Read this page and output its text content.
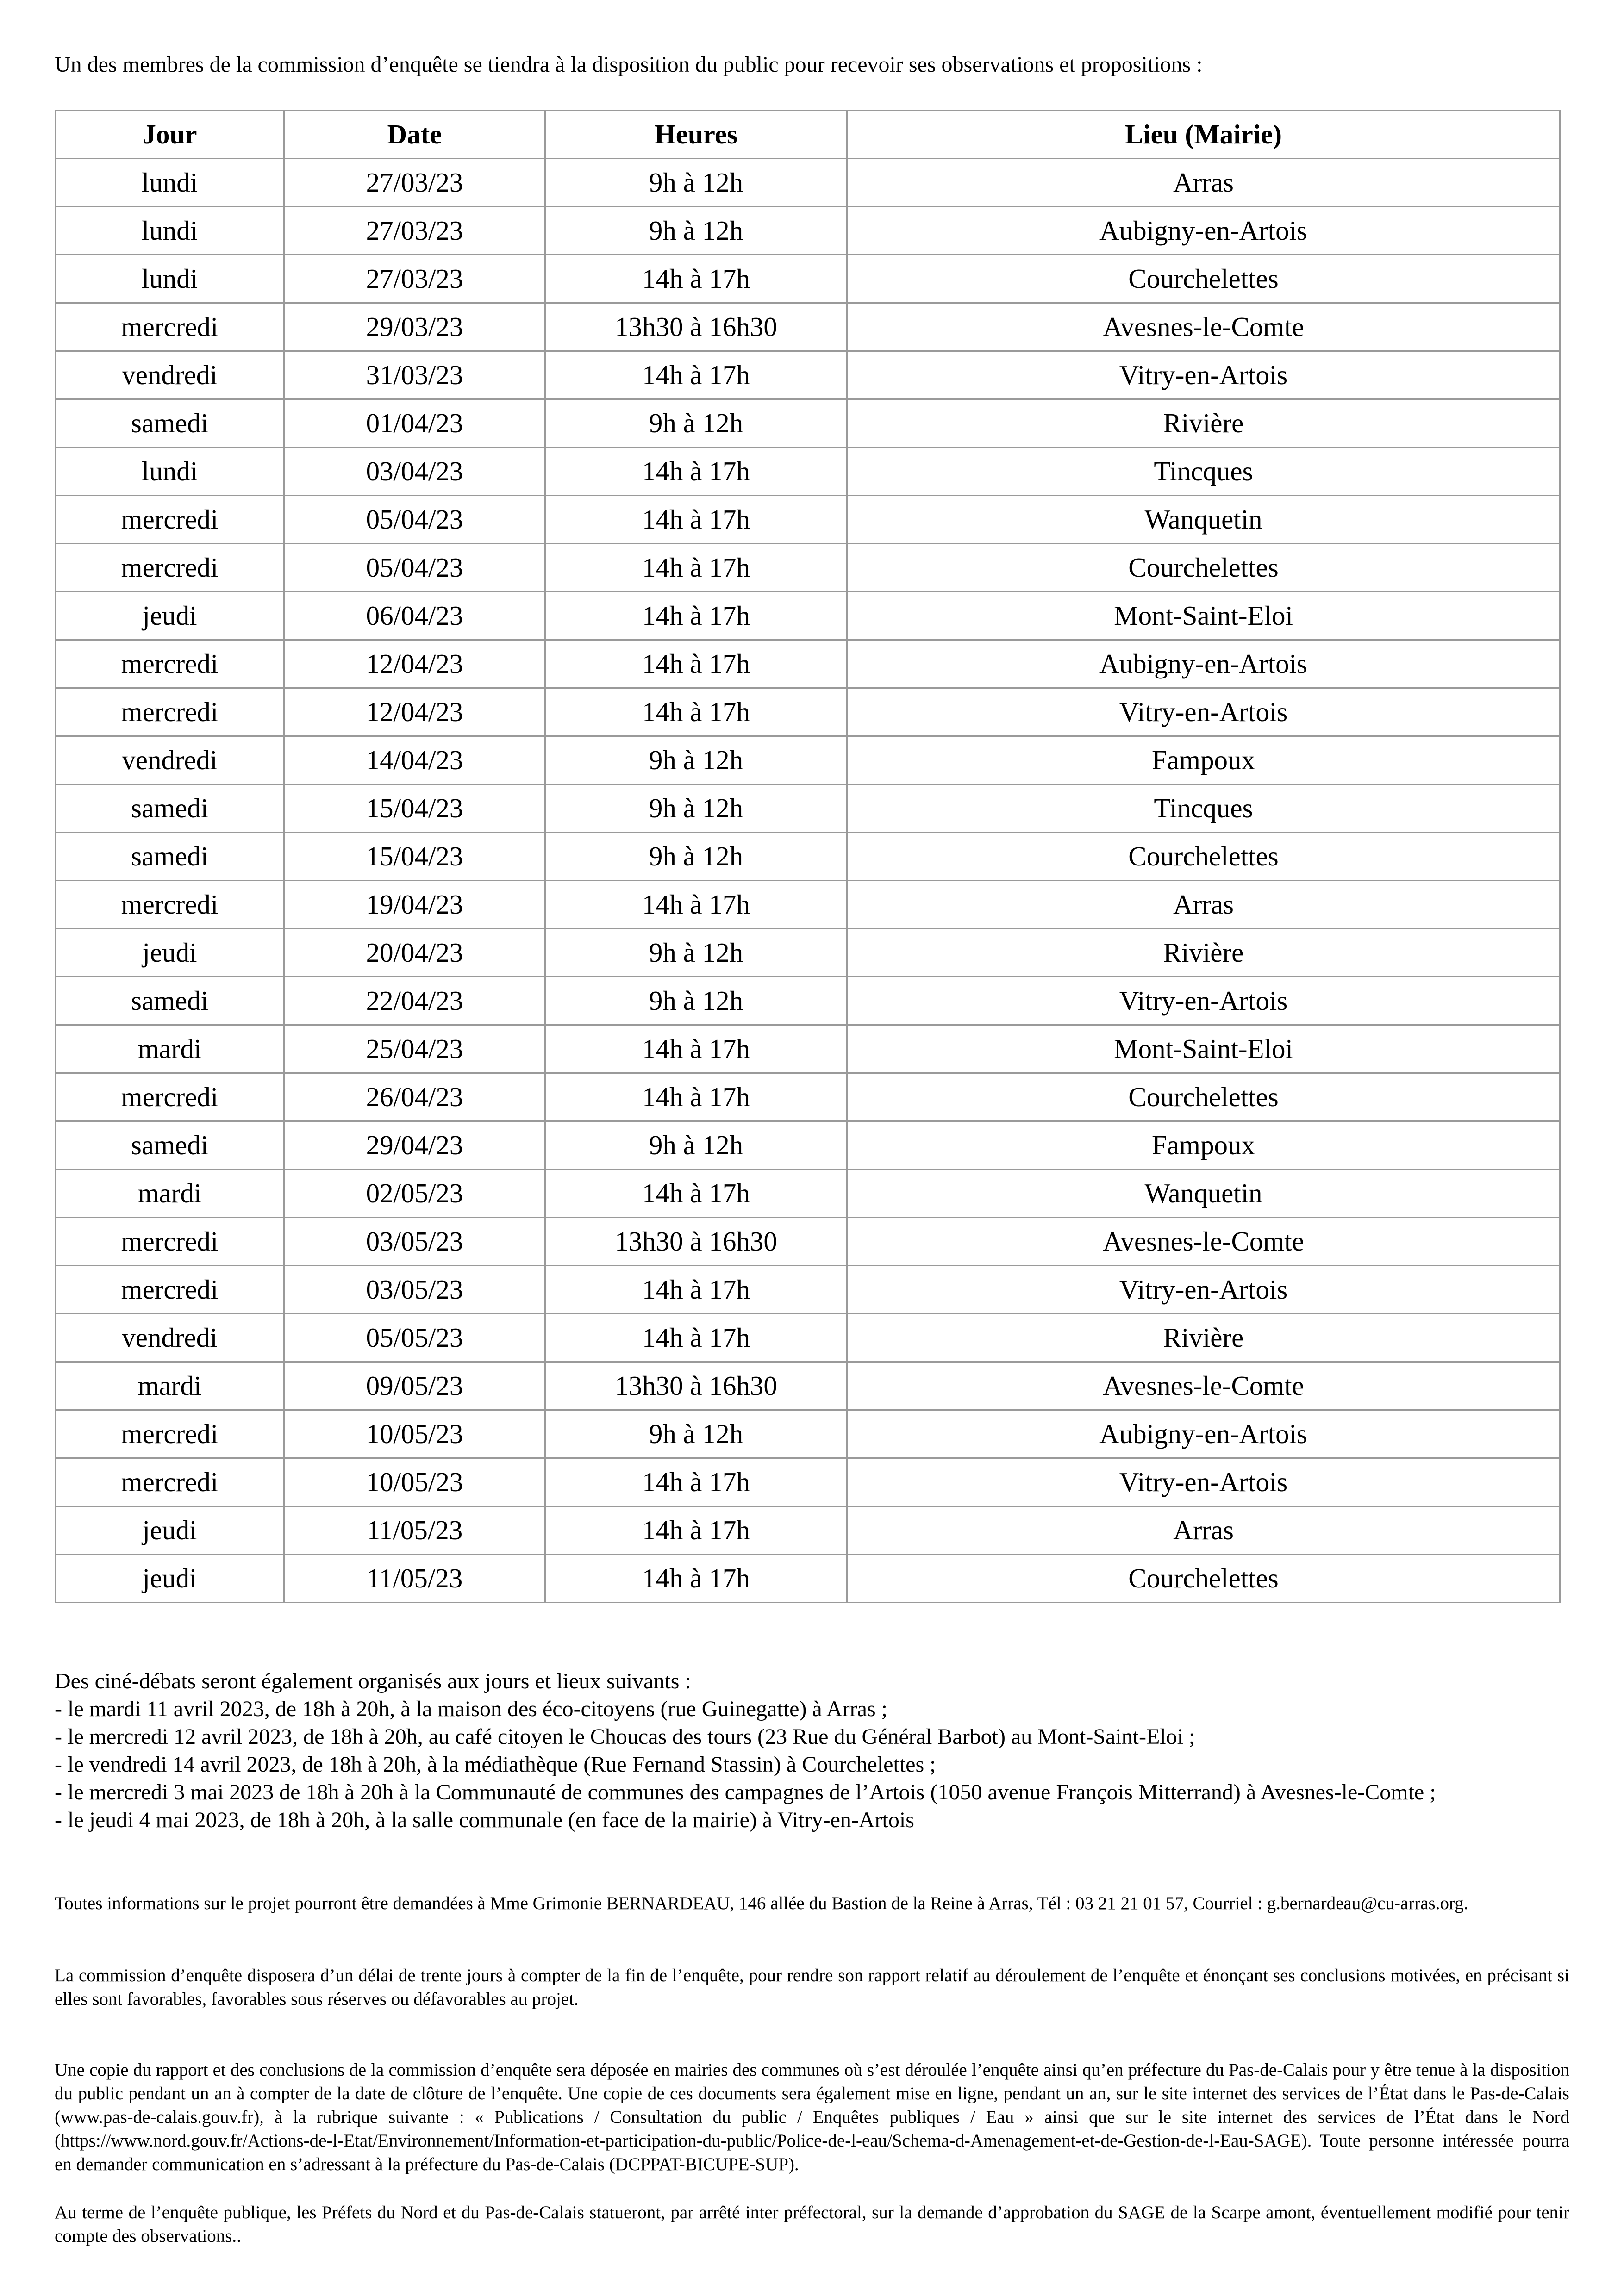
Un des membres de la commission d’enquête se tiendra à la disposition du public pour recevoir ses observations et propositions :
Jour	Date	Heures	Lieu (Mairie)
lundi	27/03/23	9h à 12h	Arras
lundi	27/03/23	9h à 12h	Aubigny-en-Artois
lundi	27/03/23	14h à 17h	Courchelettes
mercredi	29/03/23	13h30 à 16h30	Avesnes-le-Comte
vendredi	31/03/23	14h à 17h	Vitry-en-Artois
samedi	01/04/23	9h à 12h	Rivière
lundi	03/04/23	14h à 17h	Tincques
mercredi	05/04/23	14h à 17h	Wanquetin
mercredi	05/04/23	14h à 17h	Courchelettes
jeudi	06/04/23	14h à 17h	Mont-Saint-Eloi
mercredi	12/04/23	14h à 17h	Aubigny-en-Artois
mercredi	12/04/23	14h à 17h	Vitry-en-Artois
vendredi	14/04/23	9h à 12h	Fampoux
samedi	15/04/23	9h à 12h	Tincques
samedi	15/04/23	9h à 12h	Courchelettes
mercredi	19/04/23	14h à 17h	Arras
jeudi	20/04/23	9h à 12h	Rivière
samedi	22/04/23	9h à 12h	Vitry-en-Artois
mardi	25/04/23	14h à 17h	Mont-Saint-Eloi
mercredi	26/04/23	14h à 17h	Courchelettes
samedi	29/04/23	9h à 12h	Fampoux
mardi	02/05/23	14h à 17h	Wanquetin
mercredi	03/05/23	13h30 à 16h30	Avesnes-le-Comte
mercredi	03/05/23	14h à 17h	Vitry-en-Artois
vendredi	05/05/23	14h à 17h	Rivière
mardi	09/05/23	13h30 à 16h30	Avesnes-le-Comte
mercredi	10/05/23	9h à 12h	Aubigny-en-Artois
mercredi	10/05/23	14h à 17h	Vitry-en-Artois
jeudi	11/05/23	14h à 17h	Arras
jeudi	11/05/23	14h à 17h	Courchelettes
Des ciné-débats seront également organisés aux jours et lieux suivants :
- le mardi 11 avril 2023, de 18h à 20h, à la maison des éco-citoyens (rue Guinegatte) à Arras ;
- le mercredi 12 avril 2023, de 18h à 20h, au café citoyen le Choucas des tours (23 Rue du Général Barbot) au Mont-Saint-Eloi ;
- le vendredi 14 avril 2023, de 18h à 20h, à la médiathèque (Rue Fernand Stassin) à Courchelettes ;
- le mercredi 3 mai 2023 de 18h à 20h à la Communauté de communes des campagnes de l’Artois (1050 avenue François Mitterrand) à Avesnes-le-Comte ;
- le jeudi 4 mai 2023, de 18h à 20h, à la salle communale (en face de la mairie) à Vitry-en-Artois

Toutes informations sur le projet pourront être demandées à Mme Grimonie BERNARDEAU, 146 allée du Bastion de la Reine à Arras, Tél : 03 21 21 01 57, Courriel : g.bernardeau@cu-arras.org.

La commission d’enquête disposera d’un délai de trente jours à compter de la fin de l’enquête, pour rendre son rapport relatif au déroulement de l’enquête et énonçant ses conclusions motivées, en précisant si elles sont favorables, favorables sous réserves ou défavorables au projet.

Une copie du rapport et des conclusions de la commission d’enquête sera déposée en mairies des communes où s’est déroulée l’enquête ainsi qu’en préfecture du Pas-de-Calais pour y être tenue à la disposition du public pendant un an à compter de la date de clôture de l’enquête. Une copie de ces documents sera également mise en ligne, pendant un an, sur le site internet des services de l’État dans le Pas-de-Calais (www.pas-de-calais.gouv.fr), à la rubrique suivante : « Publications / Consultation du public / Enquêtes publiques / Eau » ainsi que sur le site internet des services de l’État dans le Nord (https://www.nord.gouv.fr/Actions-de-l-Etat/Environnement/Information-et-participation-du-public/Police-de-l-eau/Schema-d-Amenagement-et-de-Gestion-de-l-Eau-SAGE). Toute personne intéressée pourra en demander communication en s’adressant à la préfecture du Pas-de-Calais (DCPPAT-BICUPE-SUP).

Au terme de l’enquête publique, les Préfets du Nord et du Pas-de-Calais statueront, par arrêté inter préfectoral, sur la demande d’approbation du SAGE de la Scarpe amont, éventuellement modifié pour tenir compte des observations..
